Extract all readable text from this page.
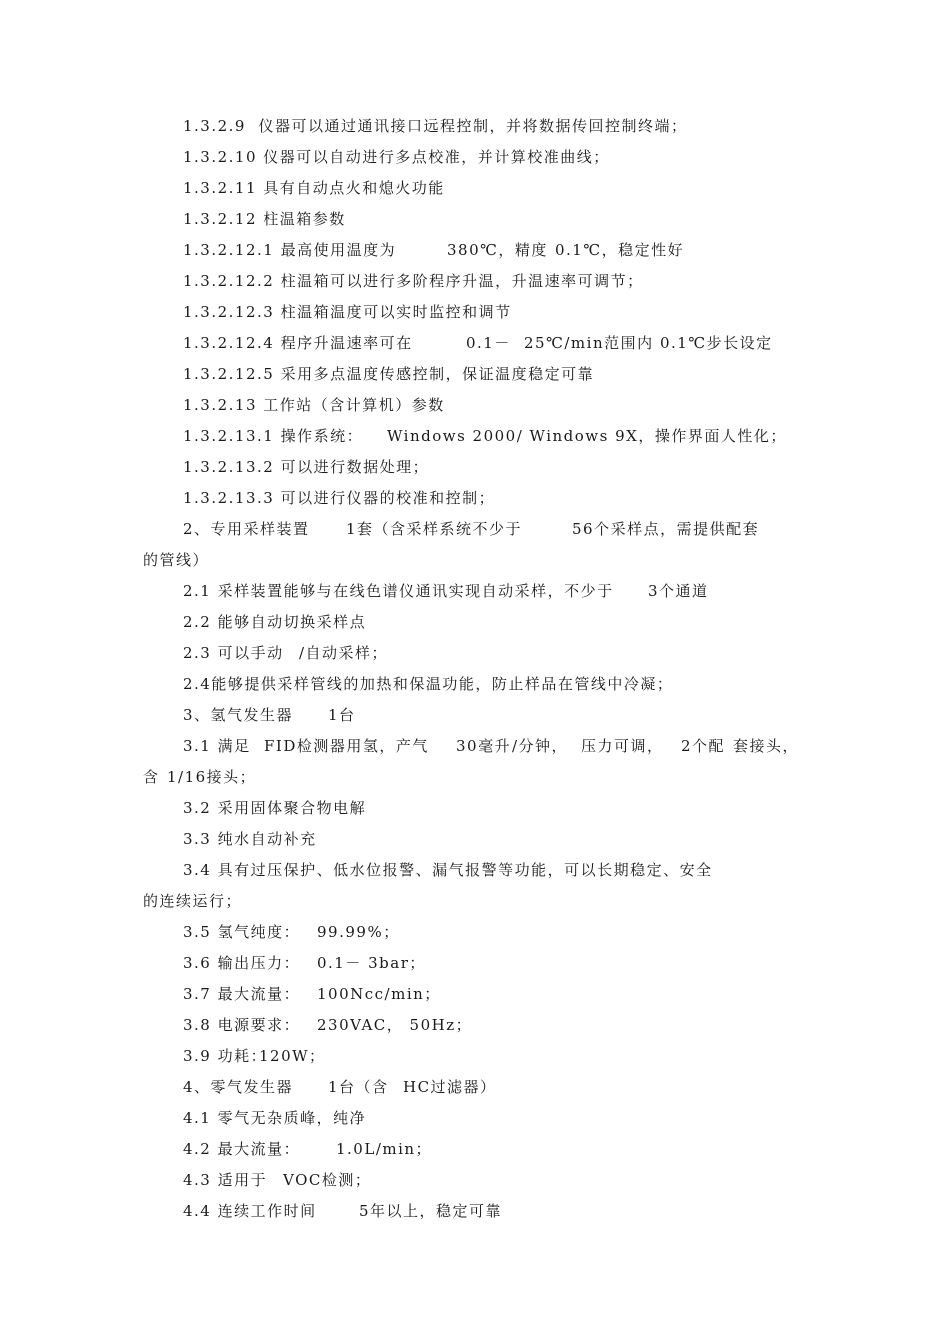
1.3.2.9  仪器可以通过通讯接口远程控制，并将数据传回控制终端；
1.3.2.10 仪器可以自动进行多点校准，并计算校准曲线；
1.3.2.11 具有自动点火和熄火功能
1.3.2.12 柱温箱参数

1.3.2.12.1 最高使用温度为

	380℃，精度

0.1℃，稳定性好

1.3.2.12.2 柱温箱可以进行多阶程序升温，升温速率可调节；
1.3.2.12.3 柱温箱温度可以实时监控和调节

1.3.2.12.4 程序升温速率可在

	0.1－

25℃/min范围内

0.1℃步长设定

1.3.2.12.5 采用多点温度传感控制，保证温度稳定可靠
1.3.2.13 工作站（含计算机）参数

1.3.2.13.1 操作系统：

Windows 2000/ Windows 9X，操作界面人性化；

1.3.2.13.2 可以进行数据处理；
1.3.2.13.3 可以进行仪器的校准和控制；

2、专用采样装置

1套（含采样系统不少于

	56个采样点，需提供配套

的管线）

2.1 采样装置能够与在线色谱仪通讯实现自动采样，不少于

3个通道

2.2 能够自动切换采样点

2.3 可以手动

/自动采样；

2.4能够提供采样管线的加热和保温功能，防止样品在管线中冷凝；

3、氢气发生器

1台

3.1 满足

FID检测器用氢，产气

30毫升

/分钟，

压力可调，

2个配

套接头，

含

1/16接头；

3.2 采用固体聚合物电解
3.3 纯水自动补充
3.4 具有过压保护、低水位报警、漏气报警等功能，可以长期稳定、安全
的连续运行；

3.5 氢气纯度：

99.99%；

3.6 输出压力：

0.1－ 3bar；

3.7 最大流量：

100Ncc/min；

3.8 电源要求：

230VAC， 50Hz；

3.9 功耗：

120W；

4、零气发生器

1台（含

HC过滤器）

4.1 零气无杂质峰，纯净

4.2 最大流量：

1.0L/min；

4.3 适用于

VOC检测；

4.4 连续工作时间

	5年以上，稳定可靠
